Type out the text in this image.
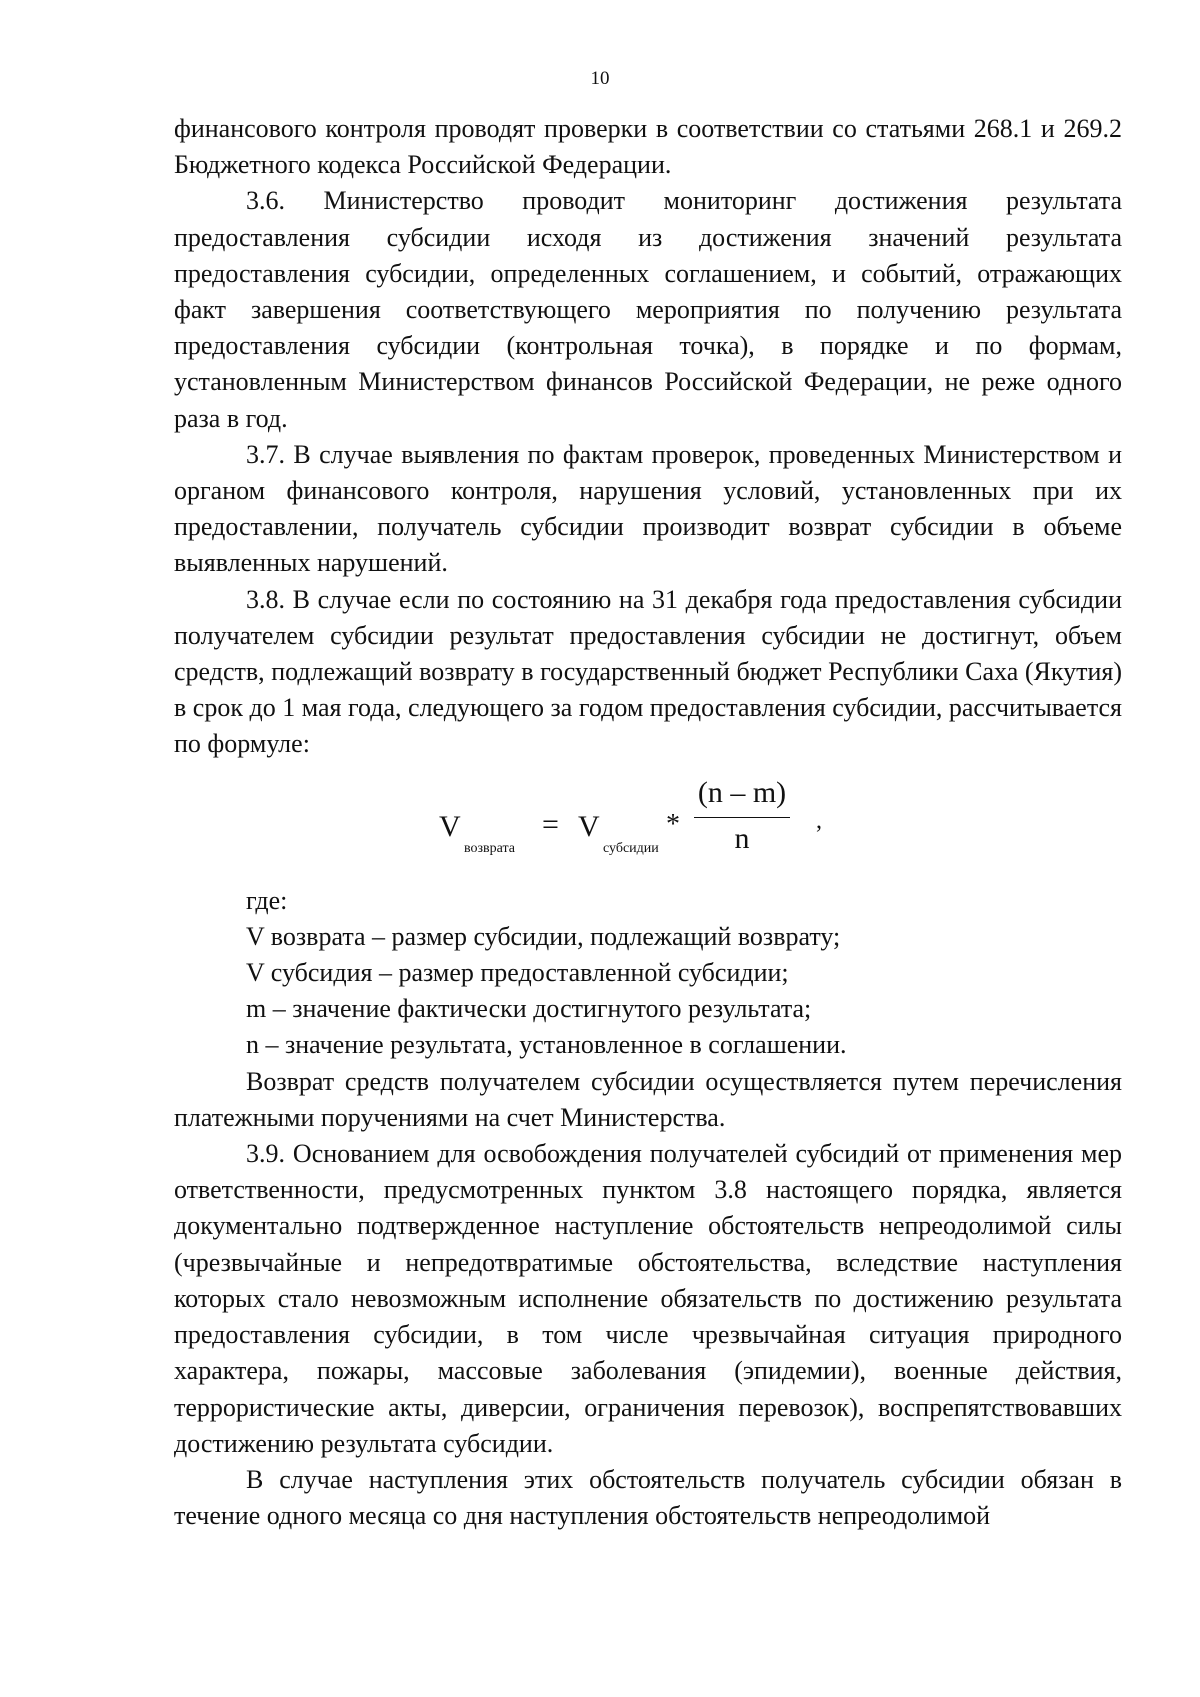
10

финансового контроля проводят проверки в соответствии со статьями 268.1 и 269.2 Бюджетного кодекса Российской Федерации.

3.6. Министерство проводит мониторинг достижения результата предоставления субсидии исходя из достижения значений результата предоставления субсидии, определенных соглашением, и событий, отражающих факт завершения соответствующего мероприятия по получению результата предоставления субсидии (контрольная точка), в порядке и по формам, установленным Министерством финансов Российской Федерации, не реже одного раза в год.

3.7. В случае выявления по фактам проверок, проведенных Министерством и органом финансового контроля, нарушения условий, установленных при их предоставлении, получатель субсидии производит возврат субсидии в объеме выявленных нарушений.

3.8. В случае если по состоянию на 31 декабря года предоставления субсидии получателем субсидии результат предоставления субсидии не достигнут, объем средств, подлежащий возврату в государственный бюджет Республики Саха (Якутия) в срок до 1 мая года, следующего за годом предоставления субсидии, рассчитывается по формуле:

V
возврата
= V
субсидии
*
(n – m)
n
,

где:

V возврата – размер субсидии, подлежащий возврату;

V субсидия – размер предоставленной субсидии;

m – значение фактически достигнутого результата;

n – значение результата, установленное в соглашении.

Возврат средств получателем субсидии осуществляется путем перечисления платежными поручениями на счет Министерства.

3.9. Основанием для освобождения получателей субсидий от применения мер ответственности, предусмотренных пунктом 3.8 настоящего порядка, является документально подтвержденное наступление обстоятельств непреодолимой силы (чрезвычайные и непредотвратимые обстоятельства, вследствие наступления которых стало невозможным исполнение обязательств по достижению результата предоставления субсидии, в том числе чрезвычайная ситуация природного характера, пожары, массовые заболевания (эпидемии), военные действия, террористические акты, диверсии, ограничения перевозок), воспрепятствовавших достижению результата субсидии.

В случае наступления этих обстоятельств получатель субсидии обязан в течение одного месяца со дня наступления обстоятельств непреодолимой
